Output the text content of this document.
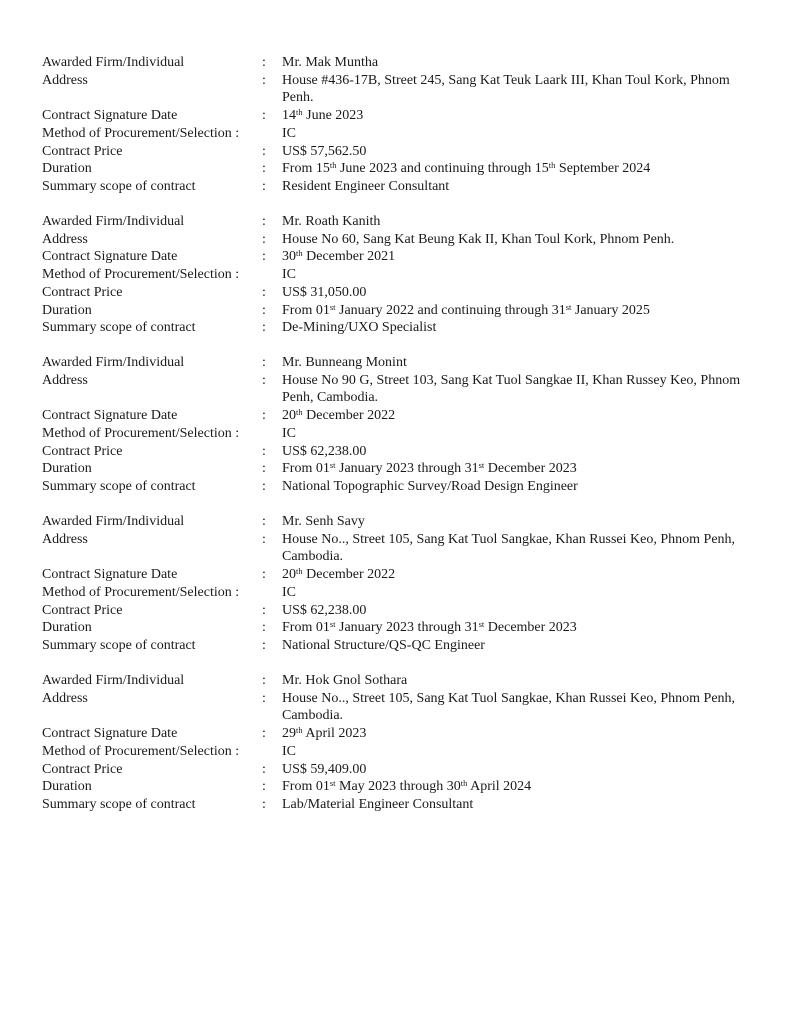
Awarded Firm/Individual	:	Mr. Mak Muntha
Address	:	House #436-17B, Street 245, Sang Kat Teuk Laark III, Khan Toul Kork, Phnom Penh.
Contract Signature Date	:	14th June 2023
Method of Procurement/Selection :	IC
Contract Price	:	US$ 57,562.50
Duration	:	From 15th June 2023 and continuing through 15th September 2024
Summary scope of contract	:	Resident Engineer Consultant
Awarded Firm/Individual	:	Mr. Roath Kanith
Address	:	House No 60, Sang Kat Beung Kak II, Khan Toul Kork, Phnom Penh.
Contract Signature Date	:	30th December 2021
Method of Procurement/Selection :	IC
Contract Price	:	US$ 31,050.00
Duration	:	From 01st January 2022 and continuing through 31st January 2025
Summary scope of contract	:	De-Mining/UXO Specialist
Awarded Firm/Individual	:	Mr. Bunneang Monint
Address	:	House No 90 G, Street 103, Sang Kat Tuol Sangkae II, Khan Russey Keo, Phnom Penh, Cambodia.
Contract Signature Date	:	20th December 2022
Method of Procurement/Selection :	IC
Contract Price	:	US$ 62,238.00
Duration	:	From 01st January 2023 through 31st December 2023
Summary scope of contract	:	National Topographic Survey/Road Design Engineer
Awarded Firm/Individual	:	Mr. Senh Savy
Address	:	House No.., Street 105, Sang Kat Tuol Sangkae, Khan Russei Keo, Phnom Penh, Cambodia.
Contract Signature Date	:	20th December 2022
Method of Procurement/Selection :	IC
Contract Price	:	US$ 62,238.00
Duration	:	From 01st January 2023 through 31st December 2023
Summary scope of contract	:	National Structure/QS-QC Engineer
Awarded Firm/Individual	:	Mr. Hok Gnol Sothara
Address	:	House No.., Street 105, Sang Kat Tuol Sangkae, Khan Russei Keo, Phnom Penh, Cambodia.
Contract Signature Date	:	29th April 2023
Method of Procurement/Selection :	IC
Contract Price	:	US$ 59,409.00
Duration	:	From 01st May 2023 through 30th April 2024
Summary scope of contract	:	Lab/Material Engineer Consultant
